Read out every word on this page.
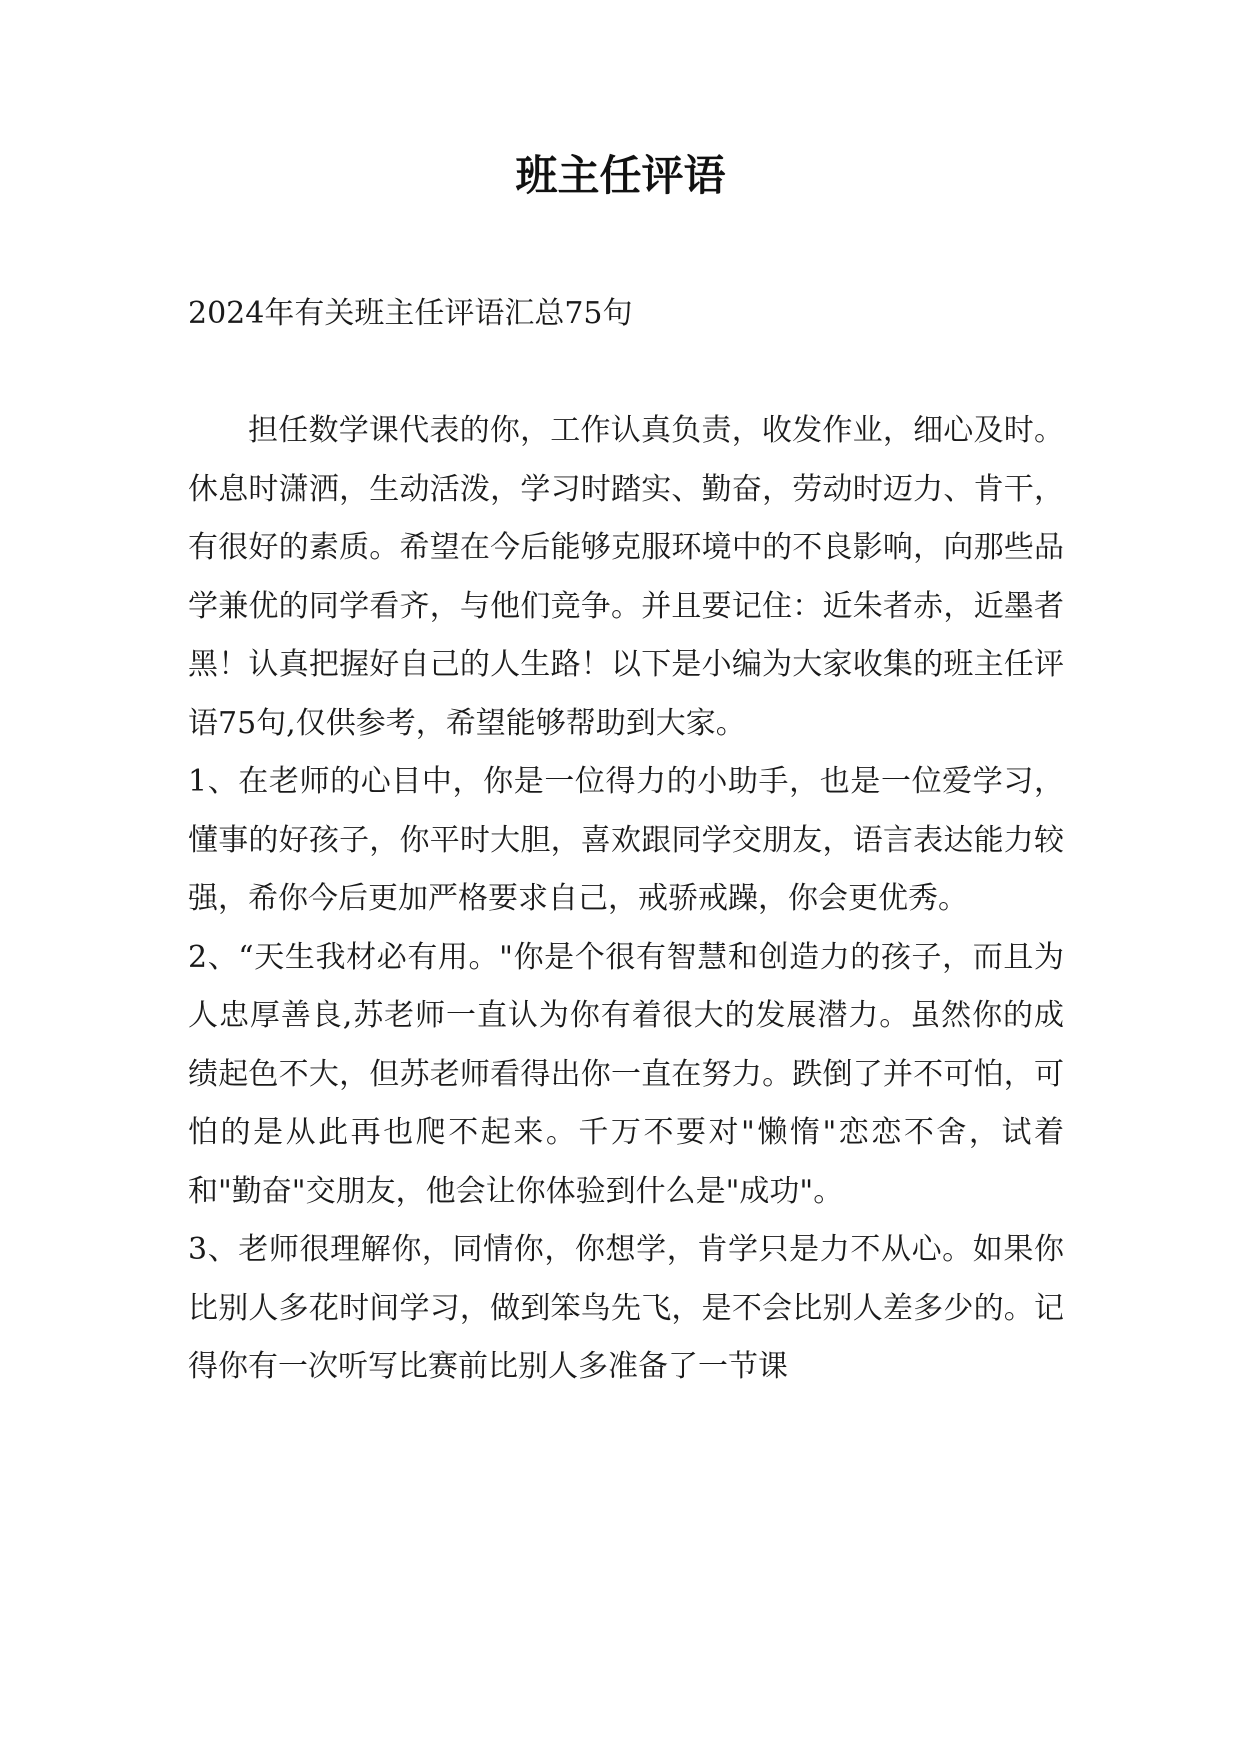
班主任评语
2024年有关班主任评语汇总75句

担任数学课代表的你，工作认真负责，收发作业，细心及时。休息时潇洒，生动活泼，学习时踏实、勤奋，劳动时迈力、肯干，有很好的素质。希望在今后能够克服环境中的不良影响，向那些品学兼优的同学看齐，与他们竞争。并且要记住：近朱者赤，近墨者黑！认真把握好自己的人生路！以下是小编为大家收集的班主任评语75句,仅供参考，希望能够帮助到大家。

1、在老师的心目中，你是一位得力的小助手，也是一位爱学习，懂事的好孩子，你平时大胆，喜欢跟同学交朋友，语言表达能力较强，希你今后更加严格要求自己，戒骄戒躁，你会更优秀。

2、“天生我材必有用。"你是个很有智慧和创造力的孩子，而且为人忠厚善良,苏老师一直认为你有着很大的发展潜力。虽然你的成绩起色不大，但苏老师看得出你一直在努力。跌倒了并不可怕，可怕的是从此再也爬不起来。千万不要对"懒惰"恋恋不舍，试着和"勤奋"交朋友，他会让你体验到什么是"成功"。

3、老师很理解你，同情你，你想学，肯学只是力不从心。如果你比别人多花时间学习，做到笨鸟先飞，是不会比别人差多少的。记得你有一次听写比赛前比别人多准备了一节课
